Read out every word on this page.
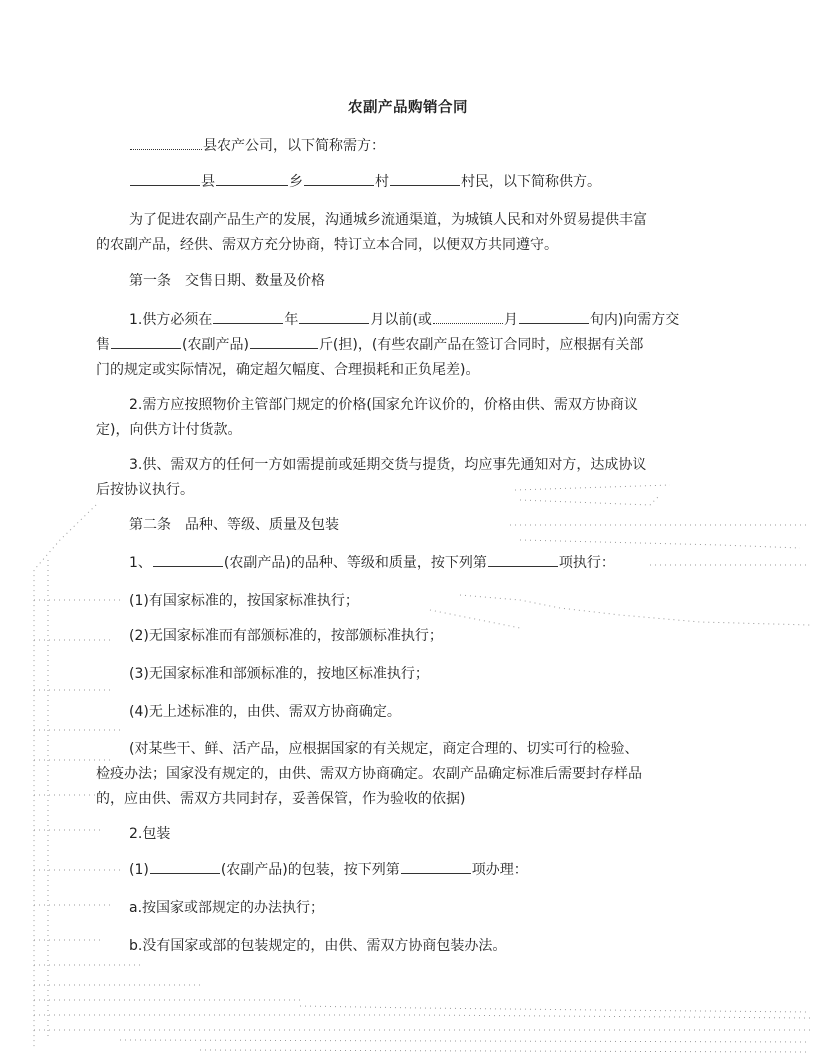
农副产品购销合同
县农产公司，以下简称需方：
县	乡	村	村民，以下简称供方。
为了促进农副产品生产的发展，沟通城乡流通渠道，为城镇人民和对外贸易提供丰富
的农副产品，经供、需双方充分协商，特订立本合同，以便双方共同遵守。
第一条　交售日期、数量及价格
1.供方必须在	年	月以前(或	月	旬内)向需方交
售	(农副产品)	斤(担)，(有些农副产品在签订合同时，应根据有关部
门的规定或实际情况，确定超欠幅度、合理损耗和正负尾差)。
2.需方应按照物价主管部门规定的价格(国家允许议价的，价格由供、需双方协商议
定)，向供方计付货款。
3.供、需双方的任何一方如需提前或延期交货与提货，均应事先通知对方，达成协议
后按协议执行。
第二条　品种、等级、质量及包装
1、	(农副产品)的品种、等级和质量，按下列第	项执行：
(1)有国家标准的，按国家标准执行；
(2)无国家标准而有部颁标准的，按部颁标准执行；
(3)无国家标准和部颁标准的，按地区标准执行；
(4)无上述标准的，由供、需双方协商确定。
(对某些干、鲜、活产品，应根据国家的有关规定，商定合理的、切实可行的检验、
检疫办法；国家没有规定的，由供、需双方协商确定。农副产品确定标准后需要封存样品
的，应由供、需双方共同封存，妥善保管，作为验收的依据)
2.包装
(1)	(农副产品)的包装，按下列第	项办理：
a.按国家或部规定的办法执行；
b.没有国家或部的包装规定的，由供、需双方协商包装办法。
